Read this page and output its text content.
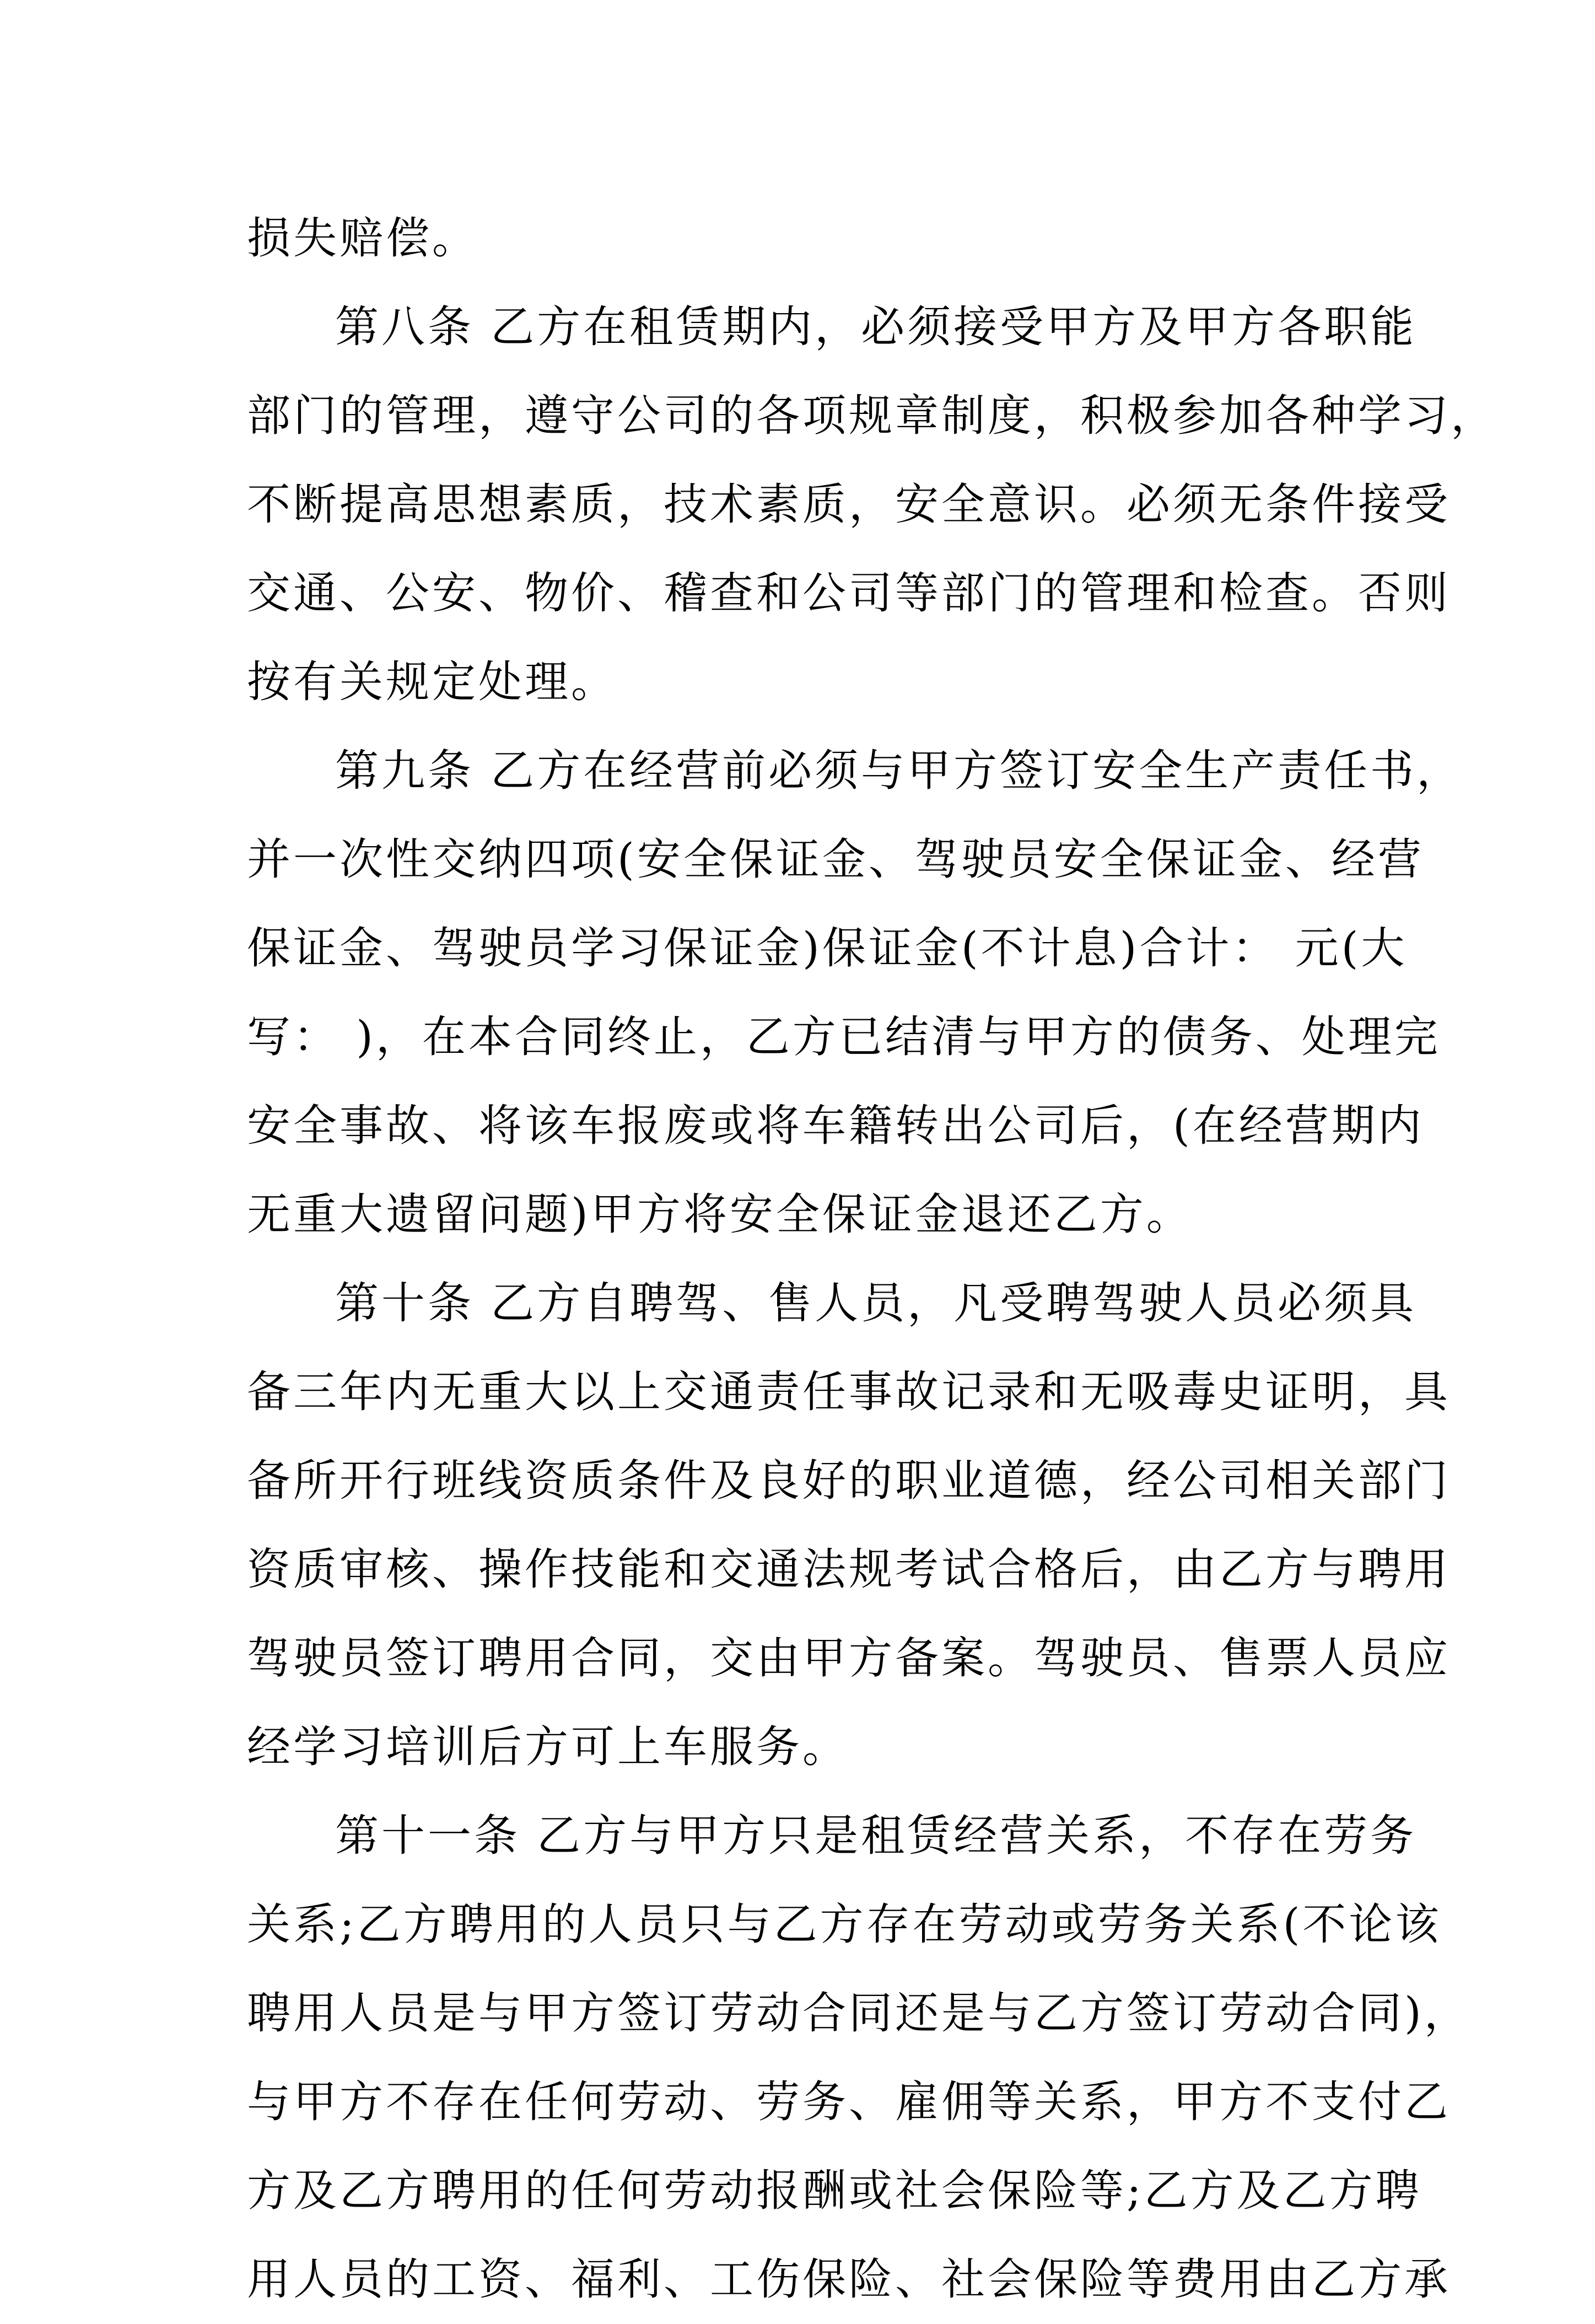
损失赔偿。
第八条 乙方在租赁期内，必须接受甲方及甲方各职能
部门的管理，遵守公司的各项规章制度，积极参加各种学习，
不断提高思想素质，技术素质，安全意识。必须无条件接受
交通、公安、物价、稽查和公司等部门的管理和检查。否则
按有关规定处理。
第九条 乙方在经营前必须与甲方签订安全生产责任书，
并一次性交纳四项(安全保证金、驾驶员安全保证金、经营
保证金、驾驶员学习保证金)保证金(不计息)合计： 元(大
写： )，在本合同终止，乙方已结清与甲方的债务、处理完
安全事故、将该车报废或将车籍转出公司后，(在经营期内
无重大遗留问题)甲方将安全保证金退还乙方。
第十条 乙方自聘驾、售人员，凡受聘驾驶人员必须具
备三年内无重大以上交通责任事故记录和无吸毒史证明，具
备所开行班线资质条件及良好的职业道德，经公司相关部门
资质审核、操作技能和交通法规考试合格后，由乙方与聘用
驾驶员签订聘用合同，交由甲方备案。驾驶员、售票人员应
经学习培训后方可上车服务。
第十一条 乙方与甲方只是租赁经营关系，不存在劳务
关系;乙方聘用的人员只与乙方存在劳动或劳务关系(不论该
聘用人员是与甲方签订劳动合同还是与乙方签订劳动合同)，
与甲方不存在任何劳动、劳务、雇佣等关系，甲方不支付乙
方及乙方聘用的任何劳动报酬或社会保险等;乙方及乙方聘
用人员的工资、福利、工伤保险、社会保险等费用由乙方承
